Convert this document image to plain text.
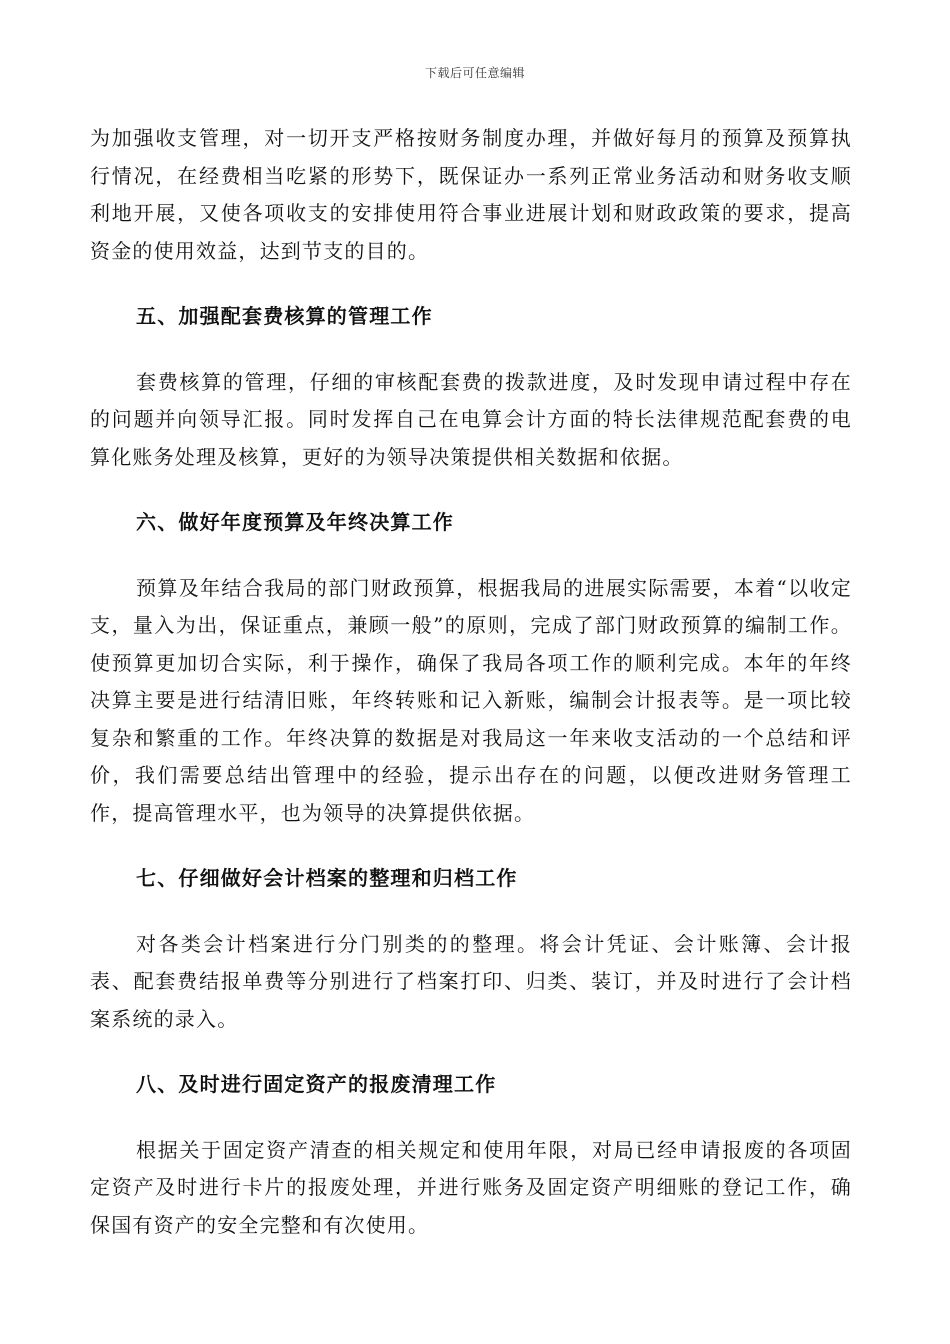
下载后可任意编辑

为加强收支管理，对一切开支严格按财务制度办理，并做好每月的预算及预算执行情况，在经费相当吃紧的形势下，既保证办一系列正常业务活动和财务收支顺利地开展，又使各项收支的安排使用符合事业进展计划和财政政策的要求，提高资金的使用效益，达到节支的目的。

五、加强配套费核算的管理工作

套费核算的管理，仔细的审核配套费的拨款进度，及时发现申请过程中存在的问题并向领导汇报。同时发挥自己在电算会计方面的特长法律规范配套费的电算化账务处理及核算，更好的为领导决策提供相关数据和依据。

六、做好年度预算及年终决算工作

预算及年结合我局的部门财政预算，根据我局的进展实际需要，本着“以收定支，量入为出，保证重点，兼顾一般”的原则，完成了部门财政预算的编制工作。使预算更加切合实际，利于操作，确保了我局各项工作的顺利完成。本年的年终决算主要是进行结清旧账，年终转账和记入新账，编制会计报表等。是一项比较复杂和繁重的工作。年终决算的数据是对我局这一年来收支活动的一个总结和评价，我们需要总结出管理中的经验，提示出存在的问题，以便改进财务管理工作，提高管理水平，也为领导的决算提供依据。

七、仔细做好会计档案的整理和归档工作

对各类会计档案进行分门别类的的整理。将会计凭证、会计账簿、会计报表、配套费结报单费等分别进行了档案打印、归类、装订，并及时进行了会计档案系统的录入。

八、及时进行固定资产的报废清理工作

根据关于固定资产清查的相关规定和使用年限，对局已经申请报废的各项固定资产及时进行卡片的报废处理，并进行账务及固定资产明细账的登记工作，确保国有资产的安全完整和有次使用。
